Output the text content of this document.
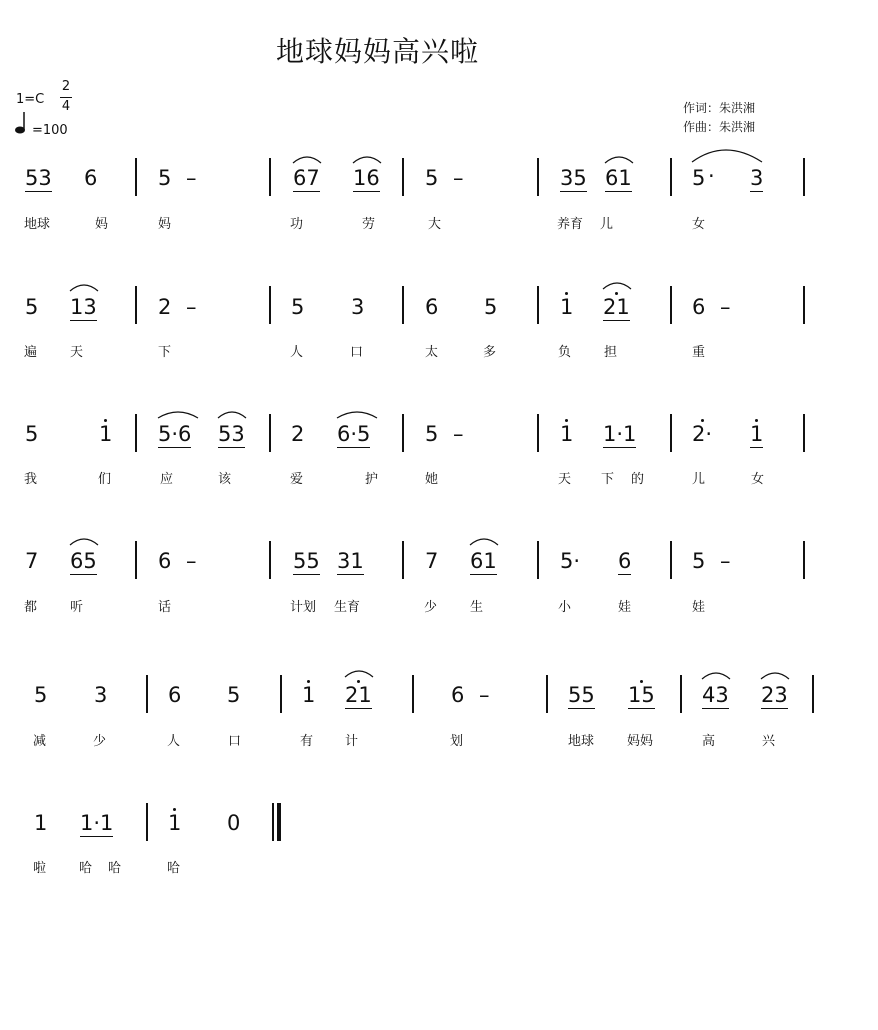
地球妈妈高兴啦
1=C
2
4
=100
作词：朱洪湘
作曲：朱洪湘
53 6	5 –	67 16 5 –	35 61	5 · 3
地球	妈	妈	功	劳	大	养育 儿	女
5 13	2 –	5 3	6 5	1 21	6 –
遍	天	下	人	口	太	多	负	担	重
5	1 5·6 53 2 6·5	5 –	1 1·1	2· 1
我	们	应	该	爱	护	她	天 下 的	儿	女
7 65	6 –	55 31	7 61	5· 6	5 –
都	听	话	计划 生育	少	生	小	娃	娃
5 3	6 5	1 21	6 –	55 15 43 23
减	少	人	口	有 计	划	地球	妈妈	高	兴
1 1·1	1 0
啦	哈 哈	哈
